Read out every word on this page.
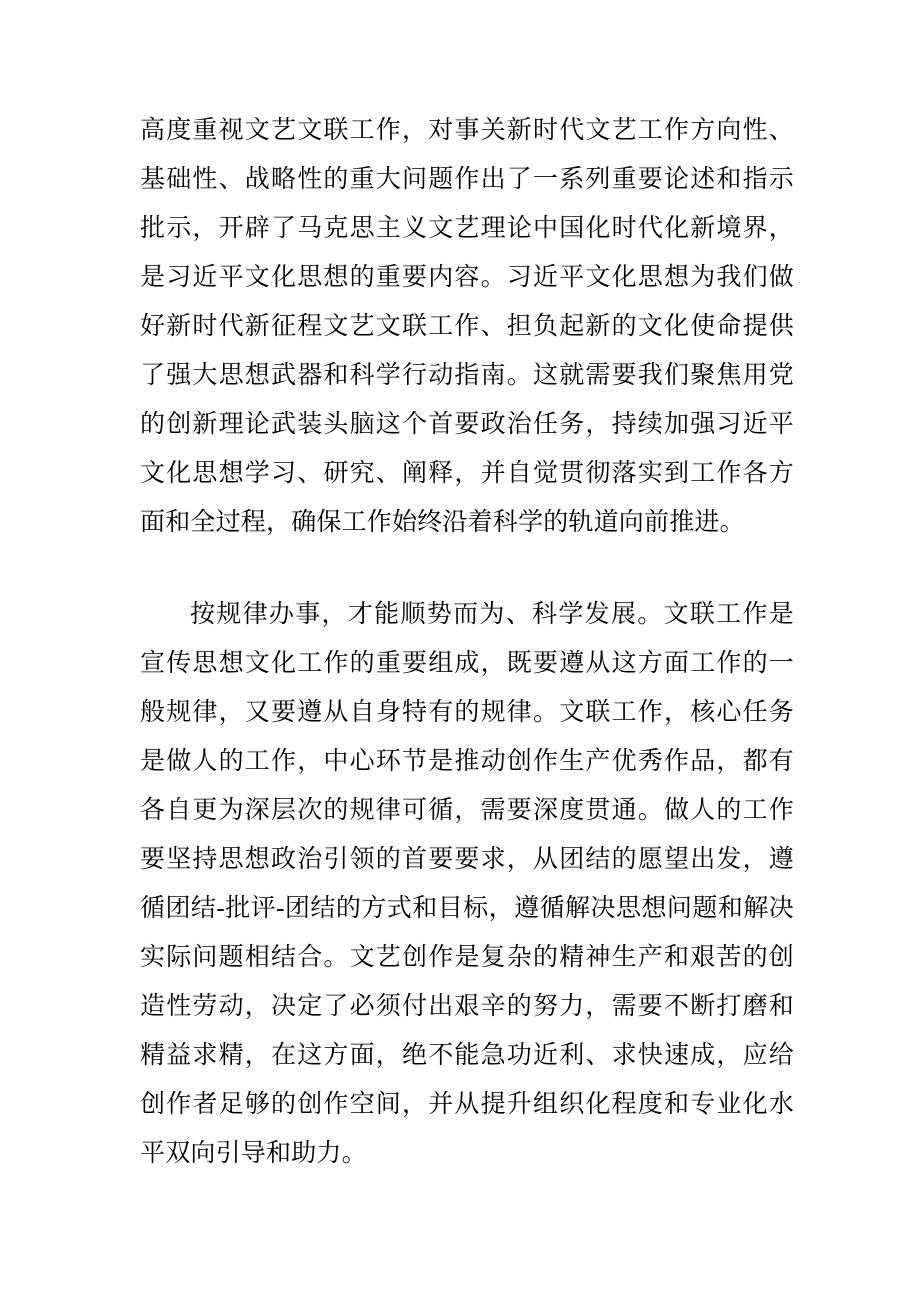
高度重视文艺文联工作，对事关新时代文艺工作方向性、基础性、战略性的重大问题作出了一系列重要论述和指示批示，开辟了马克思主义文艺理论中国化时代化新境界，是习近平文化思想的重要内容。习近平文化思想为我们做好新时代新征程文艺文联工作、担负起新的文化使命提供了强大思想武器和科学行动指南。这就需要我们聚焦用党的创新理论武装头脑这个首要政治任务，持续加强习近平文化思想学习、研究、阐释，并自觉贯彻落实到工作各方面和全过程，确保工作始终沿着科学的轨道向前推进。

按规律办事，才能顺势而为、科学发展。文联工作是宣传思想文化工作的重要组成，既要遵从这方面工作的一般规律，又要遵从自身特有的规律。文联工作，核心任务是做人的工作，中心环节是推动创作生产优秀作品，都有各自更为深层次的规律可循，需要深度贯通。做人的工作要坚持思想政治引领的首要要求，从团结的愿望出发，遵循团结-批评-团结的方式和目标，遵循解决思想问题和解决实际问题相结合。文艺创作是复杂的精神生产和艰苦的创造性劳动，决定了必须付出艰辛的努力，需要不断打磨和精益求精，在这方面，绝不能急功近利、求快速成，应给创作者足够的创作空间，并从提升组织化程度和专业化水平双向引导和助力。
